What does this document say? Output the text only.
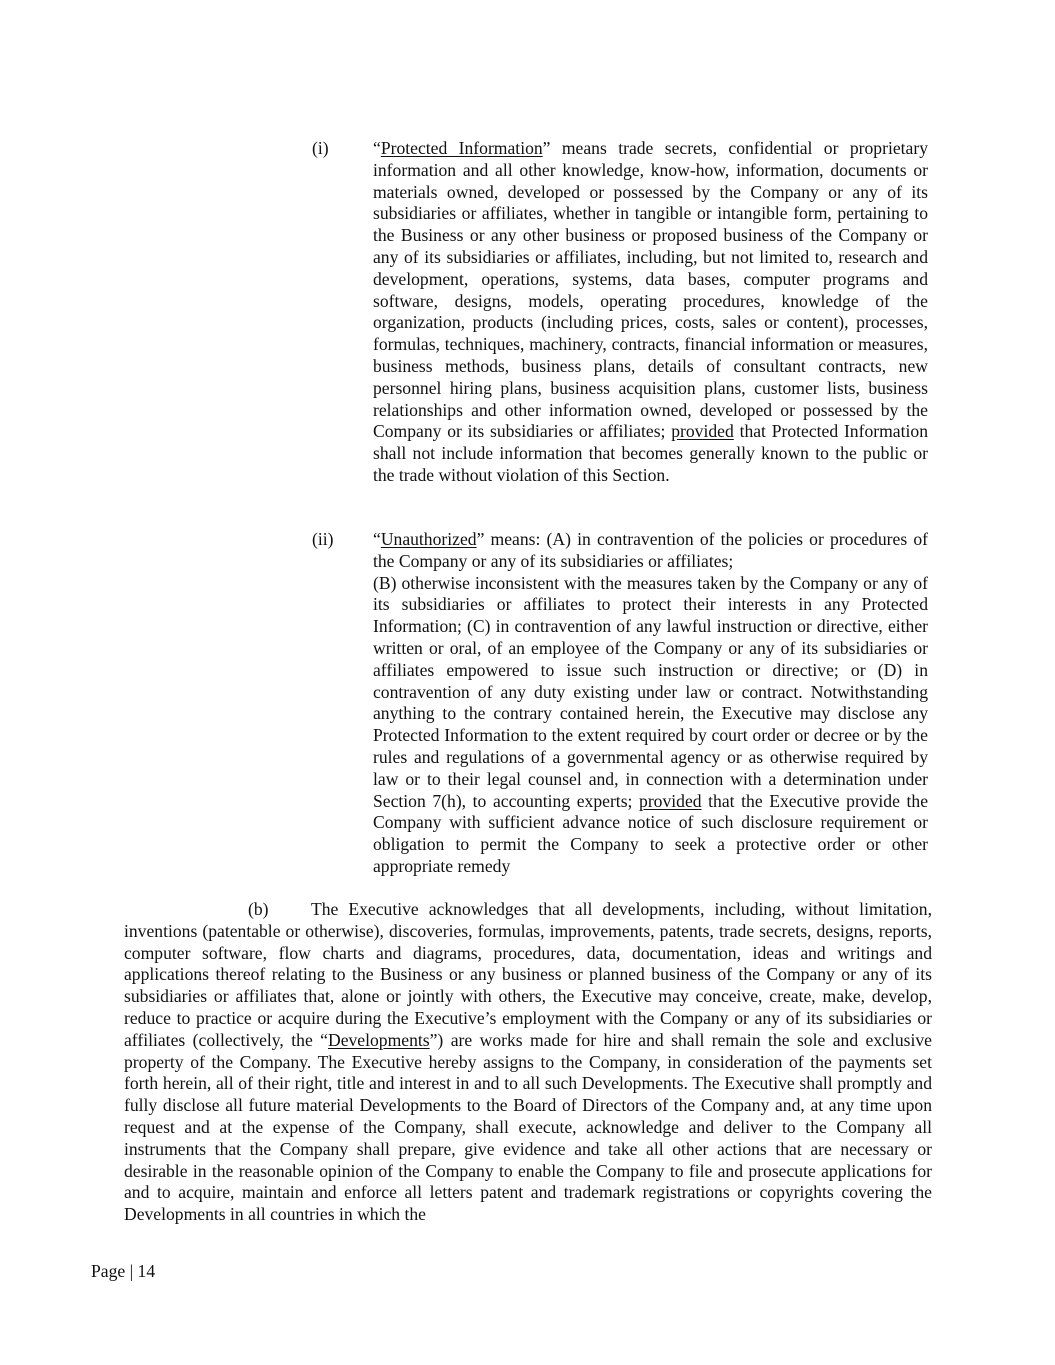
(i)	“Protected Information” means trade secrets, confidential or proprietary information and all other knowledge, know-how, information, documents or materials owned, developed or possessed by the Company or any of its subsidiaries or affiliates, whether in tangible or intangible form, pertaining to the Business or any other business or proposed business of the Company or any of its subsidiaries or affiliates, including, but not limited to, research and development, operations, systems, data bases, computer programs and software, designs, models, operating procedures, knowledge of the organization, products (including prices, costs, sales or content), processes, formulas, techniques, machinery, contracts, financial information or measures, business methods, business plans, details of consultant contracts, new personnel hiring plans, business acquisition plans, customer lists, business relationships and other information owned, developed or possessed by the Company or its subsidiaries or affiliates; provided that Protected Information shall not include information that becomes generally known to the public or the trade without violation of this Section.

(ii) “Unauthorized” means: (A) in contravention of the policies or procedures of the Company or any of its subsidiaries or affiliates;

(B) otherwise inconsistent with the measures taken by the Company or any of its subsidiaries or affiliates to protect their interests in any Protected Information; (C) in contravention of any lawful instruction or directive, either written or oral, of an employee of the Company or any of its subsidiaries or affiliates empowered to issue such instruction or directive; or (D) in contravention of any duty existing under law or contract. Notwithstanding anything to the contrary contained herein, the Executive may disclose any Protected Information to the extent required by court order or decree or by the rules and regulations of a governmental agency or as otherwise required by law or to their legal counsel and, in connection with a determination under Section 7(h), to accounting experts; provided that the Executive provide the Company with sufficient advance notice of such disclosure requirement or obligation to permit the Company to seek a protective order or other appropriate remedy

(b) The Executive acknowledges that all developments, including, without limitation, inventions (patentable or otherwise), discoveries, formulas, improvements, patents, trade secrets, designs, reports, computer software, flow charts and diagrams, procedures, data, documentation, ideas and writings and applications thereof relating to the Business or any business or planned business of the Company or any of its subsidiaries or affiliates that, alone or jointly with others, the Executive may conceive, create, make, develop, reduce to practice or acquire during the Executive’s employment with the Company or any of its subsidiaries or affiliates (collectively, the “Developments”) are works made for hire and shall remain the sole and exclusive property of the Company. The Executive hereby assigns to the Company, in consideration of the payments set forth herein, all of their right, title and interest in and to all such Developments. The Executive shall promptly and fully disclose all future material Developments to the Board of Directors of the Company and, at any time upon request and at the expense of the Company, shall execute, acknowledge and deliver to the Company all instruments that the Company shall prepare, give evidence and take all other actions that are necessary or desirable in the reasonable opinion of the Company to enable the Company to file and prosecute applications for and to acquire, maintain and enforce all letters patent and trademark registrations or copyrights covering the Developments in all countries in which the
Page | 14
